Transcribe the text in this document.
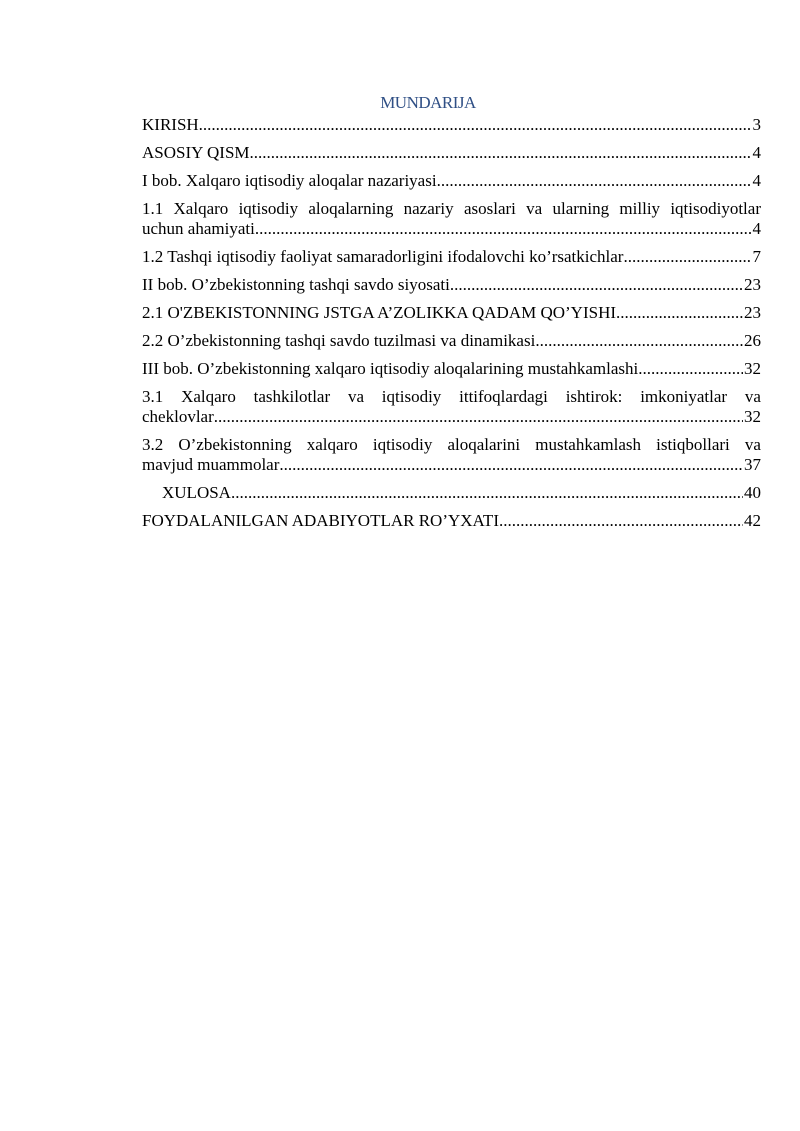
MUNDARIJA
KIRISH .....	3
ASOSIY QISM .....	4
I bob. Xalqaro iqtisodiy aloqalar nazariyasi .....	4
1.1 Xalqaro iqtisodiy aloqalarning nazariy asoslari va ularning milliy iqtisodiyotlar
uchun ahamiyati .....	4
1.2 Tashqi iqtisodiy faoliyat samaradorligini ifodalovchi ko’rsatkichlar .....	7
II bob. O’zbekistonning tashqi savdo siyosati .....	23
2.1 O'ZBEKISTONNING JSTGA A’ZOLIKKA QADAM QO’YISHI .....	23
2.2 O’zbekistonning tashqi savdo tuzilmasi va dinamikasi .....	26
III bob. O’zbekistonning xalqaro iqtisodiy aloqalarining mustahkamlashi .....	32
3.1 Xalqaro tashkilotlar va iqtisodiy ittifoqlardagi ishtirok: imkoniyatlar va
cheklovlar .....	32
3.2 O’zbekistonning xalqaro iqtisodiy aloqalarini mustahkamlash istiqbollari va
mavjud muammolar .....	37
XULOSA .....	40
FOYDALANILGAN ADABIYOTLAR RO’YXATI .....	42
